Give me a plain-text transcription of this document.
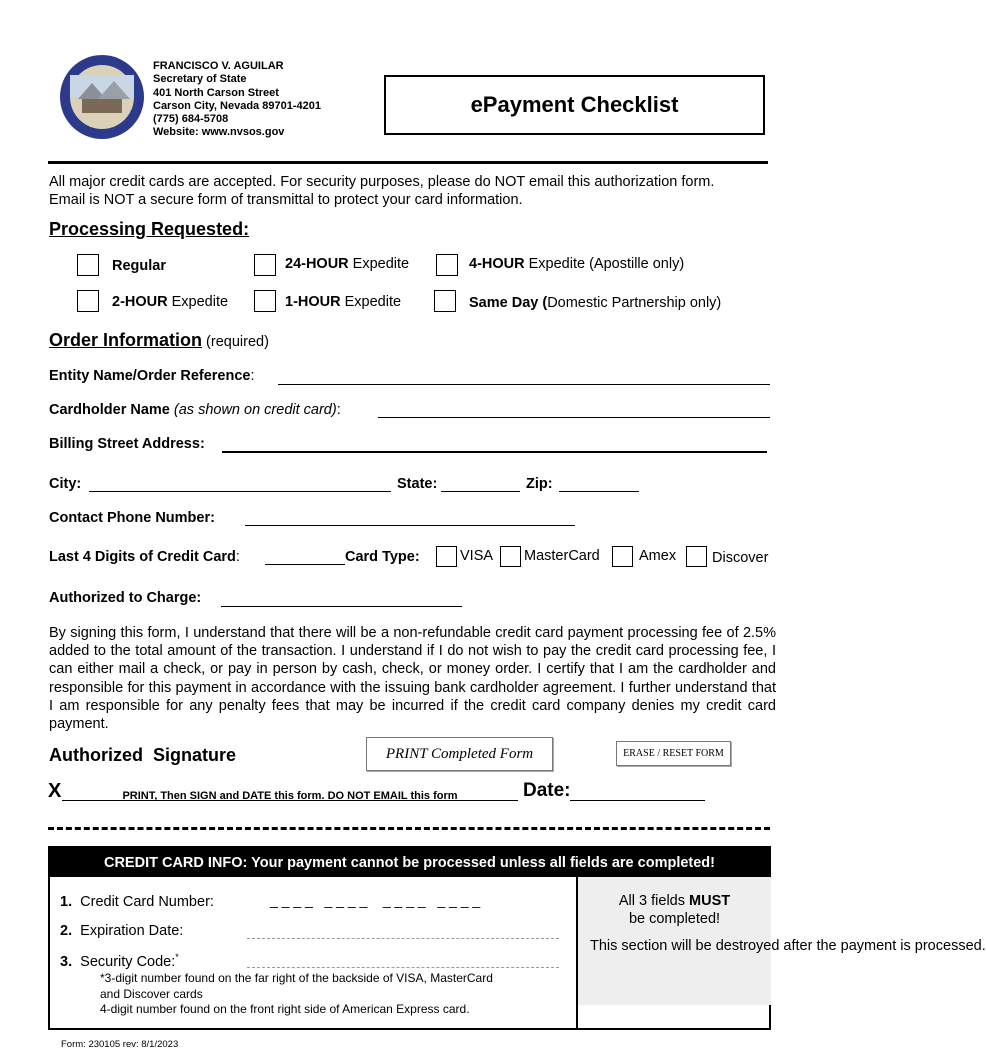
FRANCISCO V. AGUILAR
Secretary of State
401 North Carson Street
Carson City, Nevada 89701-4201
(775) 684-5708
Website: www.nvsos.gov
ePayment Checklist
All major credit cards are accepted. For security purposes, please do NOT email this authorization form. Email is NOT a secure form of transmittal to protect your card information.
Processing Requested:
Regular	24-HOUR Expedite	4-HOUR Expedite (Apostille only)
2-HOUR Expedite	1-HOUR Expedite	Same Day (Domestic Partnership only)
Order Information (required)
Entity Name/Order Reference:
Cardholder Name (as shown on credit card):
Billing Street Address:
City:	State:	Zip:
Contact Phone Number:
Last 4 Digits of Credit Card:	Card Type:	VISA MasterCard	Amex Discover
Authorized to Charge:
By signing this form, I understand that there will be a non-refundable credit card payment processing fee of 2.5% added to the total amount of the transaction. I understand if I do not wish to pay the credit card processing fee, I can either mail a check, or pay in person by cash, check, or money order. I certify that I am the cardholder and responsible for this payment in accordance with the issuing bank cardholder agreement. I further understand that I am responsible for any penalty fees that may be incurred if the credit card company denies my credit card payment.
Authorized  Signature	PRINT Completed Form	ERASE / RESET FORM
X	PRINT, Then SIGN and DATE this form. DO NOT EMAIL this form	Date:
CREDIT CARD INFO: Your payment cannot be processed unless all fields are completed!
All 3 fields MUST
be completed!
This section will be destroyed after the payment is processed.
1. Credit Card Number:	_ _ _ _   _ _ _ _    _ _ _ _   _ _ _ _
2. Expiration Date:
3. Security Code:*
*3-digit number found on the far right of the backside of VISA, MasterCard
and Discover cards
4-digit number found on the front right side of American Express card.
Form: 230105 rev: 8/1/2023
